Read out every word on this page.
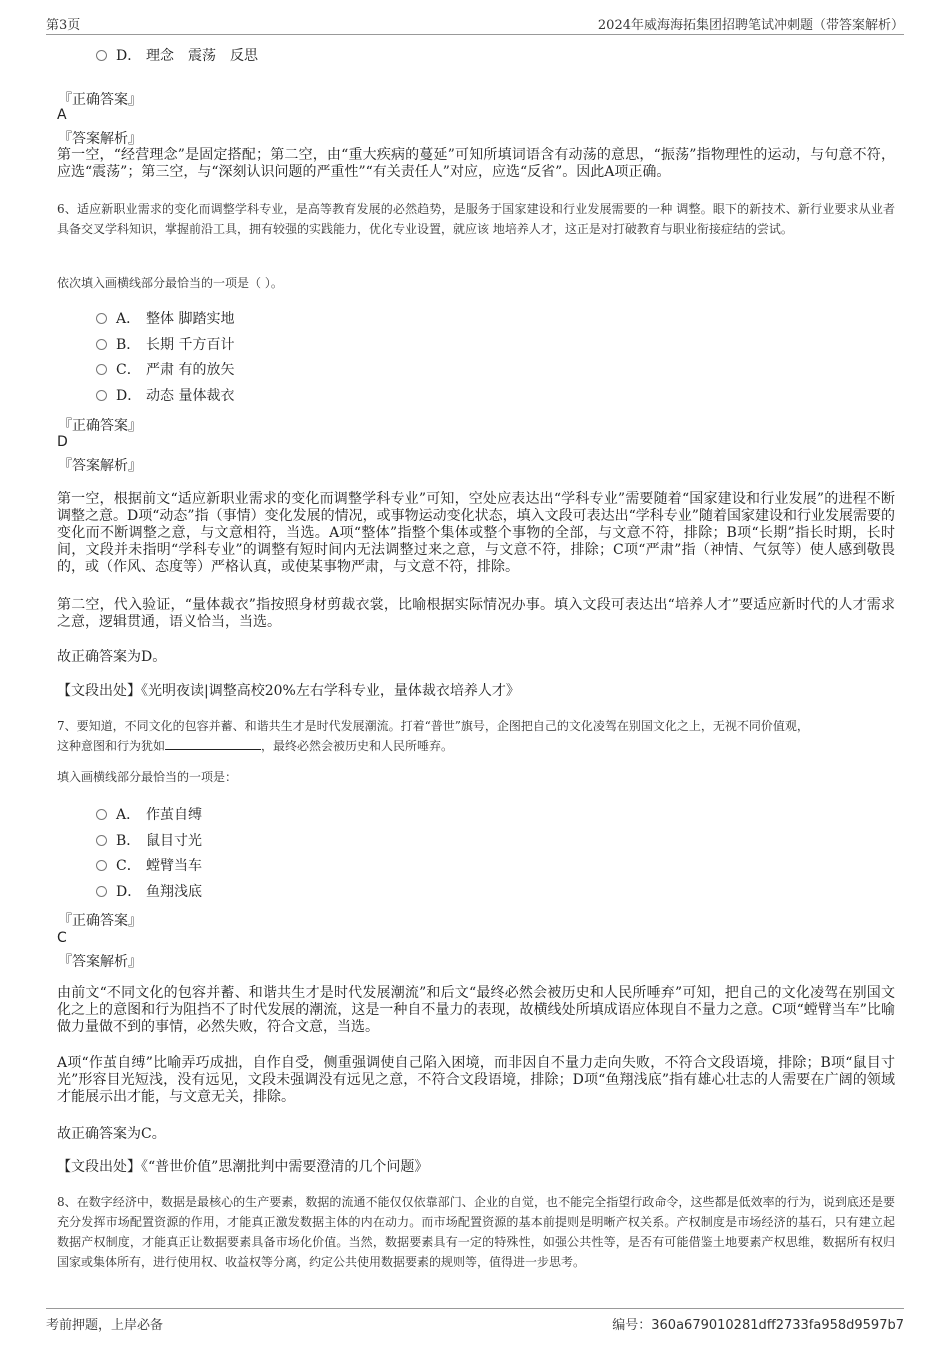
第3页	2024年威海海拓集团招聘笔试冲刺题（带答案解析）
D． 理念　震荡　反思
『正确答案』
A
『答案解析』
第一空，“经营理念”是固定搭配；第二空，由“重大疾病的蔓延”可知所填词语含有动荡的意思，“振荡”指物理性的运动，与句意不符，应选“震荡”；第三空，与“深刻认识问题的严重性”“有关责任人”对应，应选“反省”。因此A项正确。
6、适应新职业需求的变化而调整学科专业，是高等教育发展的必然趋势，是服务于国家建设和行业发展需要的一种 调整。眼下的新技术、新行业要求从业者具备交叉学科知识，掌握前沿工具，拥有较强的实践能力，优化专业设置，就应该 地培养人才，这正是对打破教育与职业衔接症结的尝试。
依次填入画横线部分最恰当的一项是（ ）。
A． 整体 脚踏实地
B． 长期 千方百计
C． 严肃 有的放矢
D． 动态 量体裁衣
『正确答案』
D
『答案解析』
第一空，根据前文“适应新职业需求的变化而调整学科专业”可知，空处应表达出“学科专业”需要随着“国家建设和行业发展”的进程不断调整之意。D项“动态”指（事情）变化发展的情况，或事物运动变化状态，填入文段可表达出“学科专业”随着国家建设和行业发展需要的变化而不断调整之意，与文意相符，当选。A项“整体”指整个集体或整个事物的全部，与文意不符，排除；B项“长期”指长时期，长时间，文段并未指明“学科专业”的调整有短时间内无法调整过来之意，与文意不符，排除；C项“严肃”指（神情、气氛等）使人感到敬畏的，或（作风、态度等）严格认真，或使某事物严肃，与文意不符，排除。
第二空，代入验证，“量体裁衣”指按照身材剪裁衣裳，比喻根据实际情况办事。填入文段可表达出“培养人才”要适应新时代的人才需求之意，逻辑贯通，语义恰当，当选。
故正确答案为D。
【文段出处】《光明夜读|调整高校20%左右学科专业，量体裁衣培养人才》
7、要知道，不同文化的包容并蓄、和谐共生才是时代发展潮流。打着“普世”旗号，企图把自己的文化凌驾在别国文化之上，无视不同价值观，
这种意图和行为犹如	，最终必然会被历史和人民所唾弃。
填入画横线部分最恰当的一项是：
A． 作茧自缚
B． 鼠目寸光
C． 螳臂当车
D． 鱼翔浅底
『正确答案』
C
『答案解析』
由前文“不同文化的包容并蓄、和谐共生才是时代发展潮流”和后文“最终必然会被历史和人民所唾弃”可知，把自己的文化凌驾在别国文化之上的意图和行为阻挡不了时代发展的潮流，这是一种自不量力的表现，故横线处所填成语应体现自不量力之意。C项“螳臂当车”比喻做力量做不到的事情，必然失败，符合文意，当选。
A项“作茧自缚”比喻弄巧成拙，自作自受，侧重强调使自己陷入困境，而非因自不量力走向失败，不符合文段语境，排除；B项“鼠目寸光”形容目光短浅，没有远见，文段未强调没有远见之意，不符合文段语境，排除；D项“鱼翔浅底”指有雄心壮志的人需要在广阔的领域才能展示出才能，与文意无关，排除。
故正确答案为C。
【文段出处】《“普世价值”思潮批判中需要澄清的几个问题》
8、在数字经济中，数据是最核心的生产要素，数据的流通不能仅仅依靠部门、企业的自觉，也不能完全指望行政命令，这些都是低效率的行为，说到底还是要充分发挥市场配置资源的作用，才能真正激发数据主体的内在动力。而市场配置资源的基本前提则是明晰产权关系。产权制度是市场经济的基石，只有建立起数据产权制度，才能真正让数据要素具备市场化价值。当然，数据要素具有一定的特殊性，如强公共性等，是否有可能借鉴土地要素产权思维，数据所有权归国家或集体所有，进行使用权、收益权等分离，约定公共使用数据要素的规则等，值得进一步思考。
考前押题，上岸必备	编号：360a679010281dff2733fa958d9597b7
